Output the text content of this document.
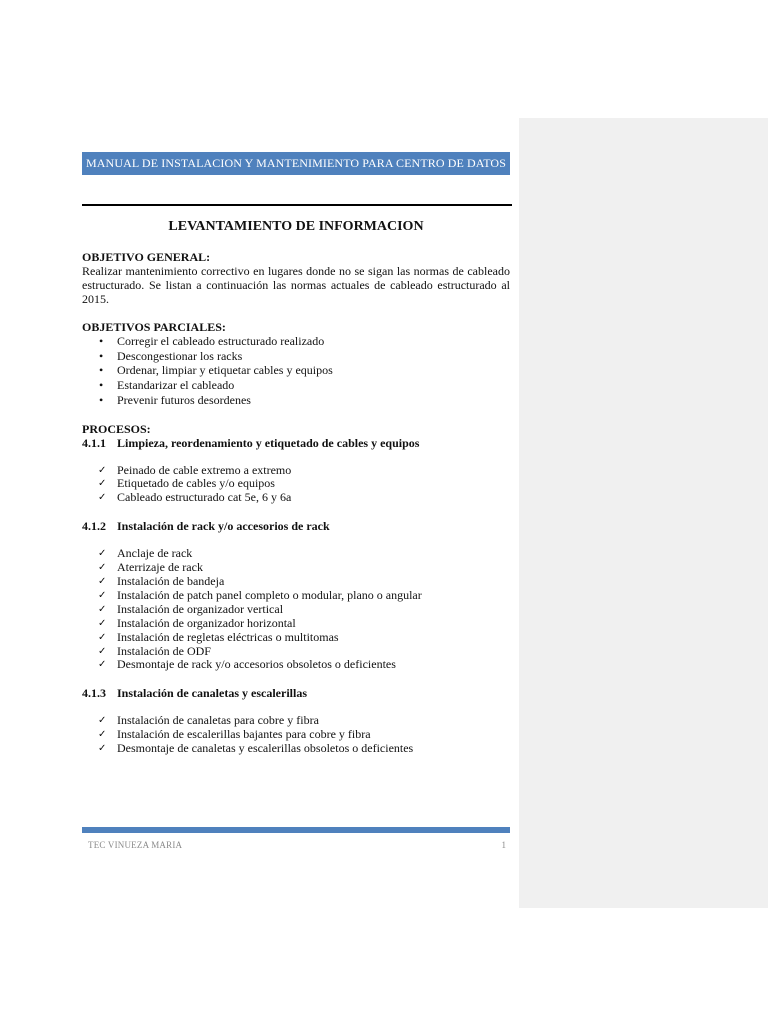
MANUAL DE INSTALACION Y MANTENIMIENTO PARA CENTRO DE DATOS
LEVANTAMIENTO DE INFORMACION

OBJETIVO GENERAL:

Realizar mantenimiento correctivo en lugares donde no se sigan las normas de cableado estructurado. Se listan a continuación las normas actuales de cableado estructurado al 2015.

OBJETIVOS PARCIALES:

• Corregir el cableado estructurado realizado
• Descongestionar los racks
• Ordenar, limpiar y etiquetar cables y equipos
• Estandarizar el cableado
• Prevenir futuros desordenes

PROCESOS:

4.1.1 Limpieza, reordenamiento y etiquetado de cables y equipos

✓ Peinado de cable extremo a extremo
✓ Etiquetado de cables y/o equipos
✓ Cableado estructurado cat 5e, 6 y 6a

4.1.2 Instalación de rack y/o accesorios de rack

✓ Anclaje de rack
✓ Aterrizaje de rack
✓ Instalación de bandeja
✓ Instalación de patch panel completo o modular, plano o angular
✓ Instalación de organizador vertical
✓ Instalación de organizador horizontal
✓ Instalación de regletas eléctricas o multitomas
✓ Instalación de ODF
✓ Desmontaje de rack y/o accesorios obsoletos o deficientes

4.1.3 Instalación de canaletas y escalerillas

✓ Instalación de canaletas para cobre y fibra
✓ Instalación de escalerillas bajantes para cobre y fibra
✓ Desmontaje de canaletas y escalerillas obsoletos o deficientes
TEC VINUEZA MARIA	1
